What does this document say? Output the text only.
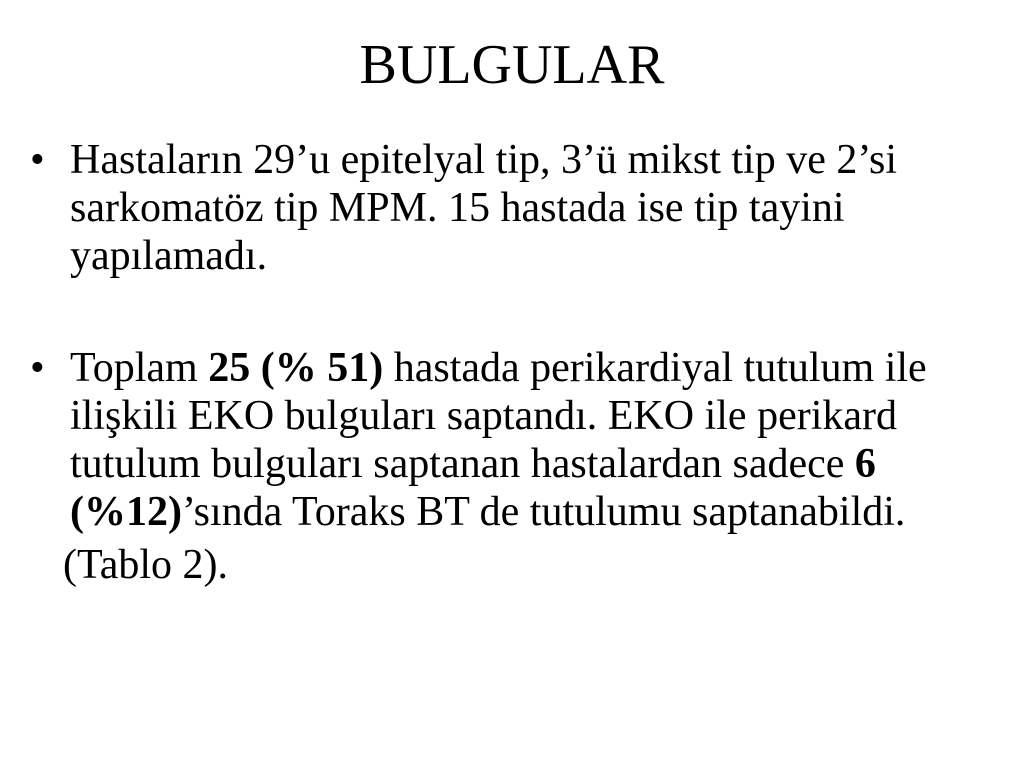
BULGULAR
• Hastaların 29’u epitelyal tip, 3’ü mikst tip ve 2’si
sarkomatöz tip MPM. 15 hastada ise tip tayini
yapılamadı.
• Toplam 25 (% 51) hastada perikardiyal tutulum ile
ilişkili EKO bulguları saptandı. EKO ile perikard
tutulum bulguları saptanan hastalardan sadece 6
(%12)’sında Toraks BT de tutulumu saptanabildi.
(Tablo 2).
